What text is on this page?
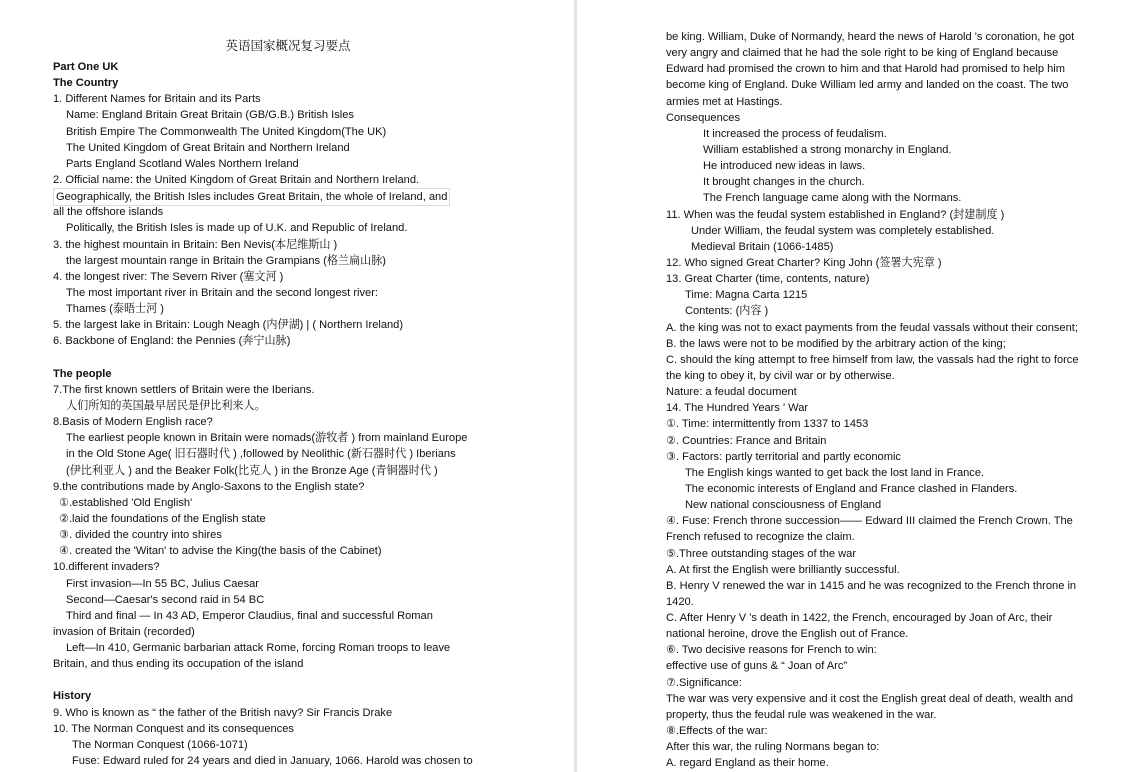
英语国家概况复习要点
Part One UK
The Country
1. Different Names for Britain and its Parts
Name: England Britain Great Britain (GB/G.B.) British Isles
British Empire The Commonwealth The United Kingdom(The UK)
The United Kingdom of Great Britain and Northern Ireland
Parts England Scotland Wales Northern Ireland
2. Official name: the United Kingdom of Great Britain and Northern Ireland.
Geographically, the British Isles includes Great Britain, the whole of Ireland, and
all the offshore islands
Politically, the British Isles is made up of U.K. and Republic of Ireland.
3. the highest mountain in Britain: Ben Nevis(本尼维斯山 )
the largest mountain range in Britain the Grampians (格兰扁山脉)
4. the longest river: The Severn River (塞文河 )
The most important river in Britain and the second longest river:
Thames (泰晤士河 )
5. the largest lake in Britain: Lough Neagh (内伊湖) | ( Northern Ireland)
6. Backbone of England: the Pennies (奔宁山脉)
The people
7.The first known settlers of Britain were the Iberians.
人们所知的英国最早居民是伊比利来人。
8.Basis of Modern English race?
The earliest people known in Britain were nomads(游牧者 ) from mainland Europe
in the Old Stone Age( 旧石器时代 ) ,followed by Neolithic (新石器时代 ) Iberians
(伊比利亚人 ) and the Beaker Folk(比克人 ) in the Bronze Age (青铜器时代 )
9.the contributions made by Anglo-Saxons to the English state?
①.established 'Old English'
②.laid the foundations of the English state
③. divided the country into shires
④. created the 'Witan' to advise the King(the basis of the Cabinet)
10.different invaders?
First invasion—In 55 BC, Julius Caesar
Second—Caesar's second raid in 54 BC
Third and final — In 43 AD, Emperor Claudius, final and successful Roman
invasion of Britain (recorded)
Left—In 410, Germanic barbarian attack Rome, forcing Roman troops to leave
Britain, and thus ending its occupation of the island
History
9. Who is known as “ the father of the British navy? Sir Francis Drake
10. The Norman Conquest and its consequences
The Norman Conquest (1066-1071)
Fuse: Edward ruled for 24 years and died in January, 1066. Harold was chosen to
be king. William, Duke of Normandy, heard the news of Harold 's coronation, he got
very angry and claimed that he had the sole right to be king of England because
Edward had promised the crown to him and that Harold had promised to help him
become king of England. Duke William led army and landed on the coast. The two
armies met at Hastings.
Consequences
It increased the process of feudalism.
William established a strong monarchy in England.
He introduced new ideas in laws.
It brought changes in the church.
The French language came along with the Normans.
11. When was the feudal system established in England? (封建制度 )
Under William, the feudal system was completely established.
Medieval Britain (1066-1485)
12. Who signed Great Charter? King John (签署大宪章 )
13. Great Charter (time, contents, nature)
Time: Magna Carta 1215
Contents: (内容 )
A. the king was not to exact payments from the feudal vassals without their consent;
B. the laws were not to be modified by the arbitrary action of the king;
C. should the king attempt to free himself from law, the vassals had the right to force
the king to obey it, by civil war or by otherwise.
Nature: a feudal document
14. The Hundred Years ' War
①. Time: intermittently from 1337 to 1453
②. Countries: France and Britain
③. Factors: partly territorial and partly economic
The English kings wanted to get back the lost land in France.
The economic interests of England and France clashed in Flanders.
New national consciousness of England
④. Fuse: French throne succession—— Edward III claimed the French Crown. The
French refused to recognize the claim.
⑤.Three outstanding stages of the war
A. At first the English were brilliantly successful.
B. Henry V renewed the war in 1415 and he was recognized to the French throne in
1420.
C. After Henry V 's death in 1422, the French, encouraged by Joan of Arc, their
national heroine, drove the English out of France.
⑥. Two decisive reasons for French to win:
effective use of guns & “ Joan of Arc”
⑦.Significance:
The war was very expensive and it cost the English great deal of death, wealth and
property, thus the feudal rule was weakened in the war.
⑧.Effects of the war:
After this war, the ruling Normans began to:
A. regard England as their home.
